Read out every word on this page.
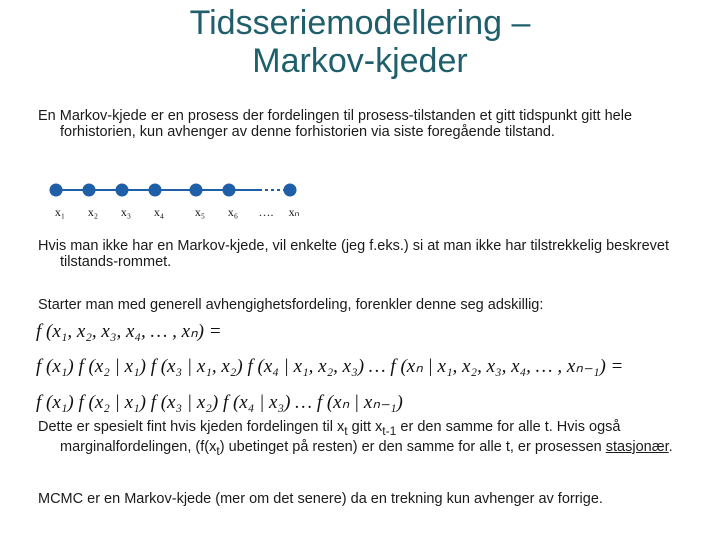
Tidsseriemodellering –
Markov-kjeder
En Markov-kjede er en prosess der fordelingen til prosess-tilstanden et gitt tidspunkt gitt hele forhistorien, kun avhenger av denne forhistorien via siste foregående tilstand.
x₁ x₂ x₃ x₄	x₅ x₆ …. xₙ
Hvis man ikke har en Markov-kjede, vil enkelte (jeg f.eks.) si at man ikke har tilstrekkelig beskrevet tilstands-rommet.
Starter man med generell avhengighetsfordeling, forenkler denne seg adskillig:
f (x₁, x₂, x₃, x₄, … , xₙ) =
f (x₁) f (x₂ | x₁) f (x₃ | x₁, x₂) f (x₄ | x₁, x₂, x₃) … f (xₙ | x₁, x₂, x₃, x₄, … , xₙ₋₁) =
f (x₁) f (x₂ | x₁) f (x₃ | x₂) f (x₄ | x₃) … f (xₙ | xₙ₋₁)
Dette er spesielt fint hvis kjeden fordelingen til $x_t$ gitt $x_{t-1}$ er den samme for alle t. Hvis også marginalfordelingen, ($f(x_t)$ ubetinget på resten) er den samme for alle t, er prosessen stasjonær.
MCMC er en Markov-kjede (mer om det senere) da en trekning kun avhenger av forrige.
